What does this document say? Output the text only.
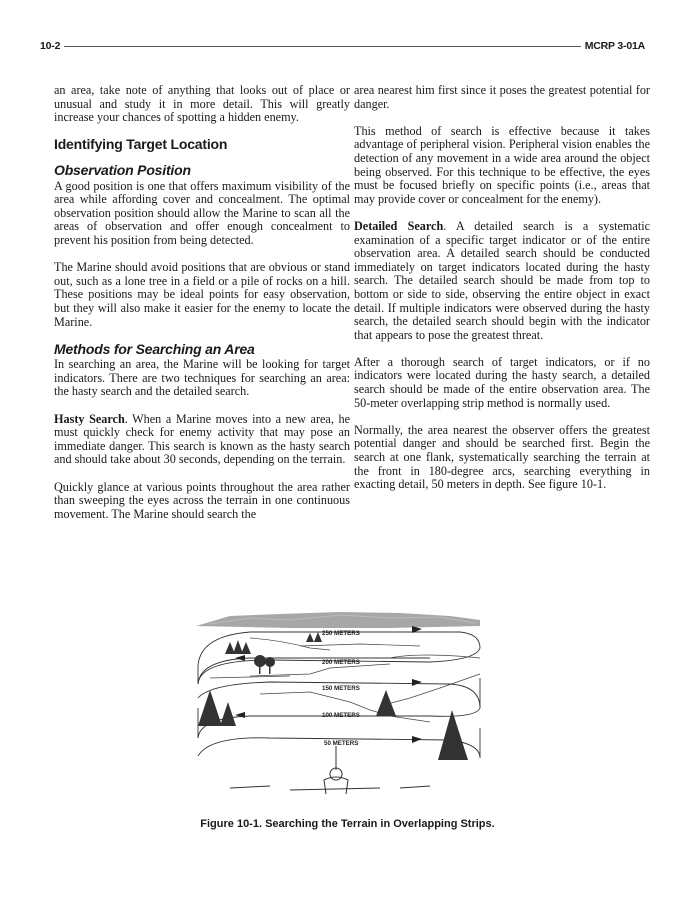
10-2	MCRP 3-01A

an area, take note of anything that looks out of place or unusual and study it in more detail. This will greatly increase your chances of spotting a hidden enemy.

Identifying Target Location
Observation Position

A good position is one that offers maximum visibility of the area while affording cover and concealment. The optimal observation position should allow the Marine to scan all the areas of observation and offer enough concealment to prevent his position from being detected.

The Marine should avoid positions that are obvious or stand out, such as a lone tree in a field or a pile of rocks on a hill. These positions may be ideal points for easy observation, but they will also make it easier for the enemy to locate the Marine.

Methods for Searching an Area

In searching an area, the Marine will be looking for target indicators. There are two techniques for searching an area: the hasty search and the detailed search.

Hasty Search. When a Marine moves into a new area, he must quickly check for enemy activity that may pose an immediate danger. This search is known as the hasty search and should take about 30 seconds, depending on the terrain.

Quickly glance at various points throughout the area rather than sweeping the eyes across the terrain in one continuous movement. The Marine should search the

area nearest him first since it poses the greatest potential for danger.

This method of search is effective because it takes advantage of peripheral vision. Peripheral vision enables the detection of any movement in a wide area around the object being observed. For this technique to be effective, the eyes must be focused briefly on specific points (i.e., areas that may provide cover or concealment for the enemy).

Detailed Search. A detailed search is a systematic examination of a specific target indicator or of the entire observation area. A detailed search should be conducted immediately on target indicators located during the hasty search. The detailed search should be made from top to bottom or side to side, observing the entire object in exact detail. If multiple indicators were observed during the hasty search, the detailed search should begin with the indicator that appears to pose the greatest threat.

After a thorough search of target indicators, or if no indicators were located during the hasty search, a detailed search should be made of the entire observation area. The 50-meter overlapping strip method is normally used.

Normally, the area nearest the observer offers the greatest potential danger and should be searched first. Begin the search at one flank, systematically searching the terrain at the front in 180-degree arcs, searching everything in exacting detail, 50 meters in depth. See figure 10-1.

250 METERS
200 METERS
150 METERS
100 METERS
50 METERS
Figure 10-1. Searching the Terrain in Overlapping Strips.
